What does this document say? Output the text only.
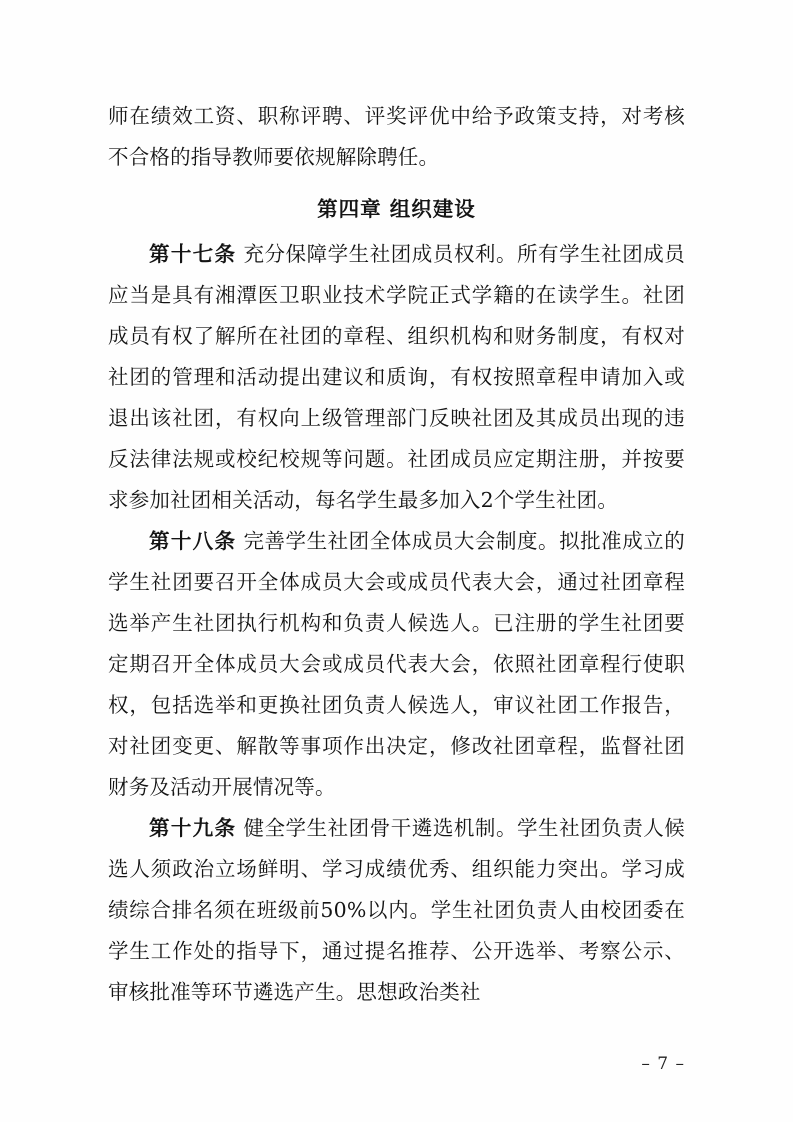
师在绩效工资、职称评聘、评奖评优中给予政策支持，对考核不合格的指导教师要依规解除聘任。

第四章 组织建设

第十七条 充分保障学生社团成员权利。所有学生社团成员应当是具有湘潭医卫职业技术学院正式学籍的在读学生。社团成员有权了解所在社团的章程、组织机构和财务制度，有权对社团的管理和活动提出建议和质询，有权按照章程申请加入或退出该社团，有权向上级管理部门反映社团及其成员出现的违反法律法规或校纪校规等问题。社团成员应定期注册，并按要求参加社团相关活动，每名学生最多加入2个学生社团。

第十八条 完善学生社团全体成员大会制度。拟批准成立的学生社团要召开全体成员大会或成员代表大会，通过社团章程选举产生社团执行机构和负责人候选人。已注册的学生社团要定期召开全体成员大会或成员代表大会，依照社团章程行使职权，包括选举和更换社团负责人候选人，审议社团工作报告，对社团变更、解散等事项作出决定，修改社团章程，监督社团财务及活动开展情况等。

第十九条 健全学生社团骨干遴选机制。学生社团负责人候选人须政治立场鲜明、学习成绩优秀、组织能力突出。学习成绩综合排名须在班级前50%以内。学生社团负责人由校团委在学生工作处的指导下，通过提名推荐、公开选举、考察公示、审核批准等环节遴选产生。思想政治类社

– 7 –
